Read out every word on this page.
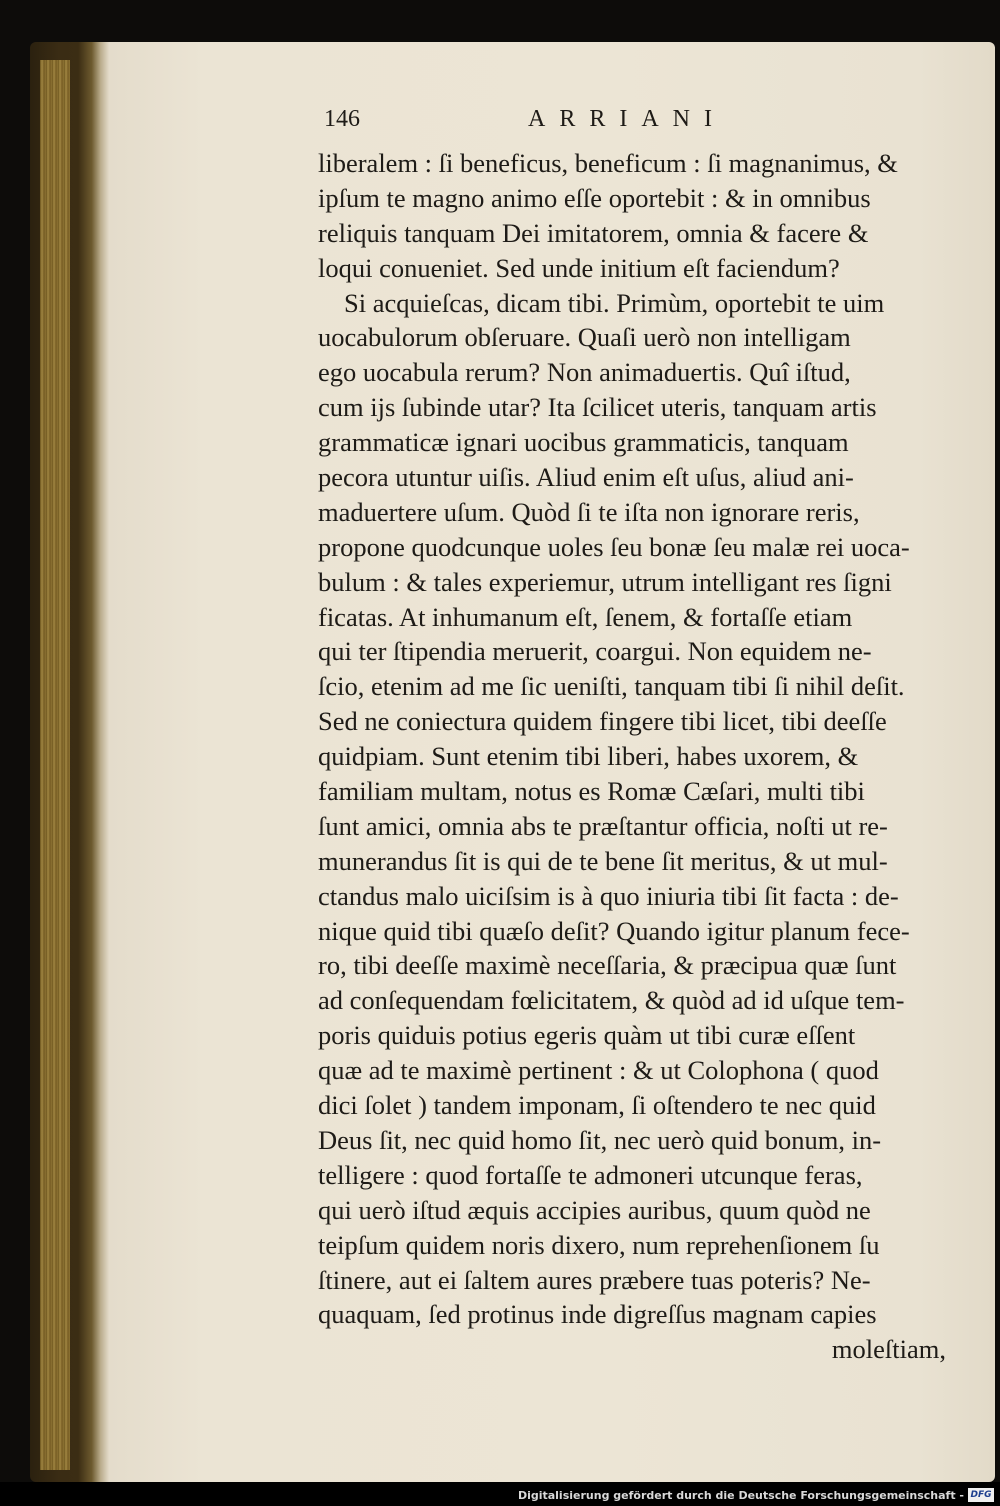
146	ARRIANI
liberalem : ſi beneficus, beneficum : ſi magnanimus, &
ipſum te magno animo eſſe oportebit : & in omnibus
reliquis tanquam Dei imitatorem, omnia & facere &
loqui conueniet. Sed unde initium eſt faciendum?
Si acquieſcas, dicam tibi. Primùm, oportebit te uim
uocabulorum obſeruare. Quaſi uerò non intelligam
ego uocabula rerum? Non animaduertis. Quî iſtud,
cum ijs ſubinde utar? Ita ſcilicet uteris, tanquam artis
grammaticæ ignari uocibus grammaticis, tanquam
pecora utuntur uiſis. Aliud enim eſt uſus, aliud ani-
maduertere uſum. Quòd ſi te iſta non ignorare reris,
propone quodcunque uoles ſeu bonæ ſeu malæ rei uoca-
bulum : & tales experiemur, utrum intelligant res ſigni
ficatas. At inhumanum eſt, ſenem, & fortaſſe etiam
qui ter ſtipendia meruerit, coargui. Non equidem ne-
ſcio, etenim ad me ſic ueniſti, tanquam tibi ſi nihil deſit.
Sed ne coniectura quidem fingere tibi licet, tibi deeſſe
quidpiam. Sunt etenim tibi liberi, habes uxorem, &
familiam multam, notus es Romæ Cæſari, multi tibi
ſunt amici, omnia abs te præſtantur officia, noſti ut re-
munerandus ſit is qui de te bene ſit meritus, & ut mul-
ctandus malo uiciſsim is à quo iniuria tibi ſit facta : de-
nique quid tibi quæſo deſit? Quando igitur planum fece-
ro, tibi deeſſe maximè neceſſaria, & præcipua quæ ſunt
ad conſequendam fœlicitatem, & quòd ad id uſque tem-
poris quiduis potius egeris quàm ut tibi curæ eſſent
quæ ad te maximè pertinent : & ut Colophona ( quod
dici ſolet ) tandem imponam, ſi oſtendero te nec quid
Deus ſit, nec quid homo ſit, nec uerò quid bonum, in-
telligere : quod fortaſſe te admoneri utcunque feras,
qui uerò iſtud æquis accipies auribus, quum quòd ne
teipſum quidem noris dixero, num reprehenſionem ſu
ſtinere, aut ei ſaltem aures præbere tuas poteris? Ne-
quaquam, ſed protinus inde digreſſus magnam capies
moleſtiam,
Digitalisierung gefördert durch die Deutsche Forschungsgemeinschaft - DFG
